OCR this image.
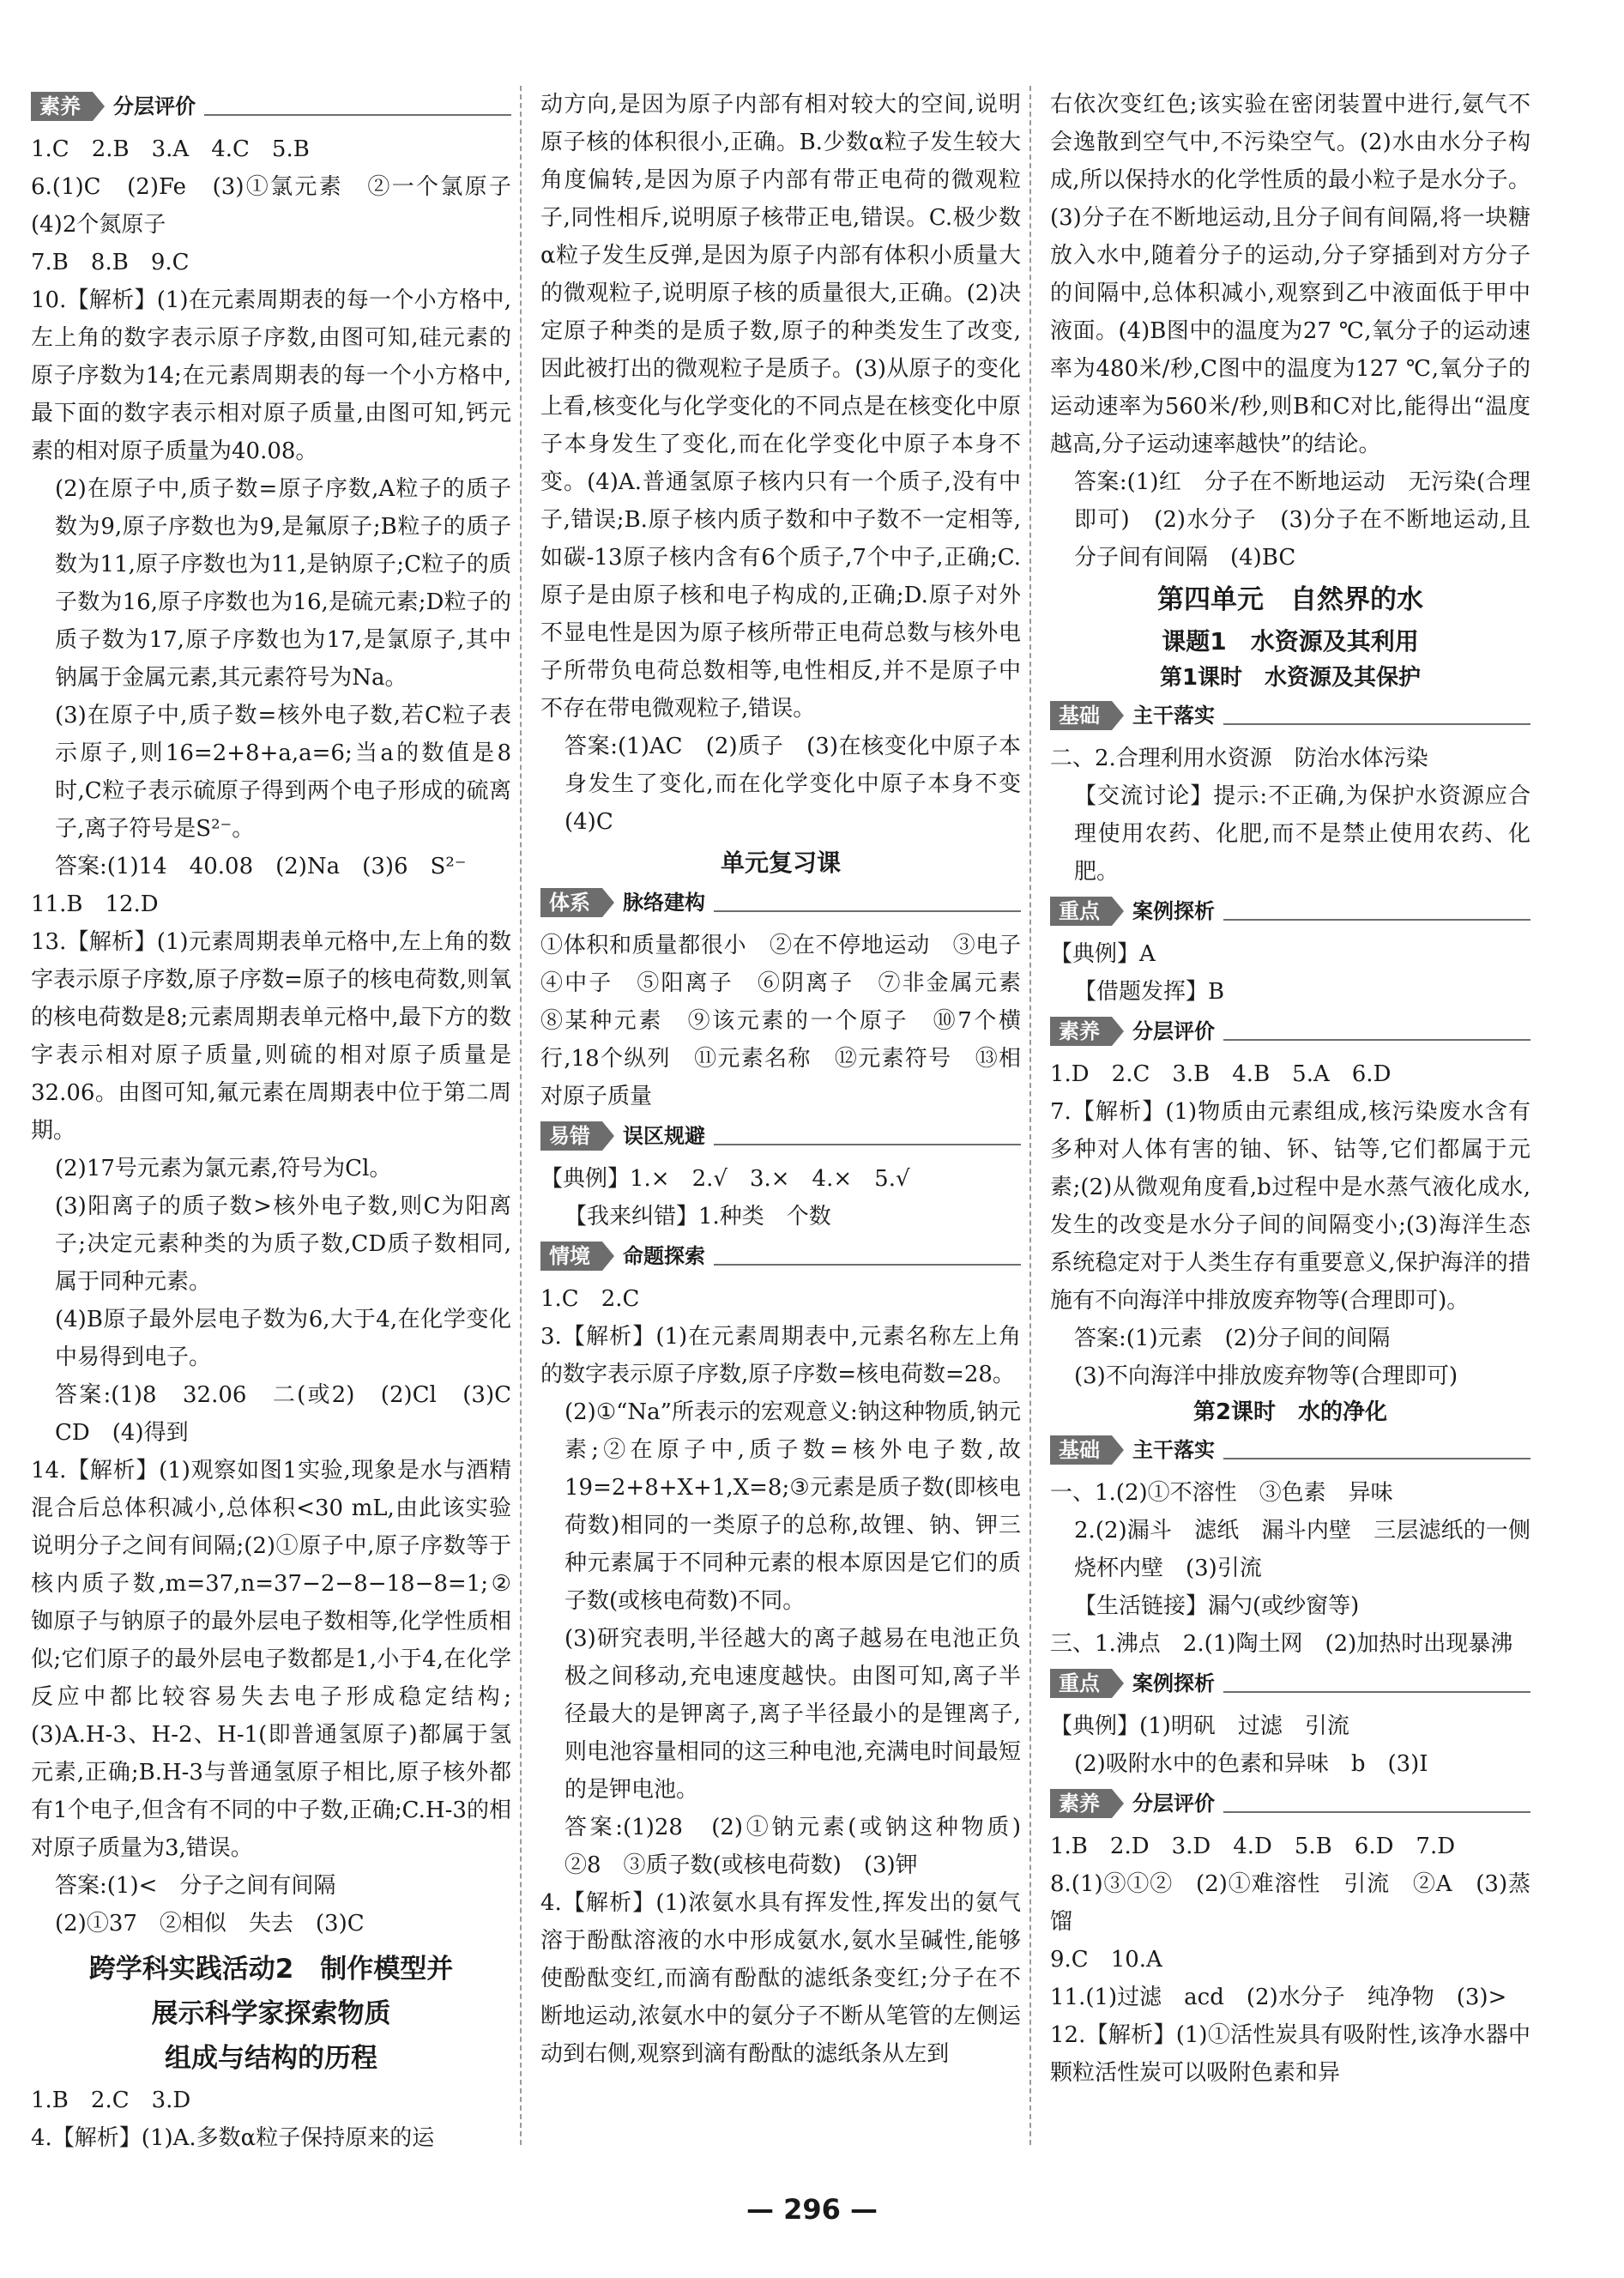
素养	分层评价

1.C　2.B　3.A　4.C　5.B

6.(1)C　(2)Fe　(3)①氯元素　②一个氯原子　(4)2个氮原子

7.B　8.B　9.C

10.【解析】(1)在元素周期表的每一个小方格中,左上角的数字表示原子序数,由图可知,硅元素的原子序数为14;在元素周期表的每一个小方格中,最下面的数字表示相对原子质量,由图可知,钙元素的相对原子质量为40.08。

(2)在原子中,质子数=原子序数,A粒子的质子数为9,原子序数也为9,是氟原子;B粒子的质子数为11,原子序数也为11,是钠原子;C粒子的质子数为16,原子序数也为16,是硫元素;D粒子的质子数为17,原子序数也为17,是氯原子,其中钠属于金属元素,其元素符号为Na。

(3)在原子中,质子数=核外电子数,若C粒子表示原子,则16=2+8+a,a=6;当a的数值是8时,C粒子表示硫原子得到两个电子形成的硫离子,离子符号是S²⁻。

答案:(1)14　40.08　(2)Na　(3)6　S²⁻

11.B　12.D

13.【解析】(1)元素周期表单元格中,左上角的数字表示原子序数,原子序数=原子的核电荷数,则氧的核电荷数是8;元素周期表单元格中,最下方的数字表示相对原子质量,则硫的相对原子质量是32.06。由图可知,氟元素在周期表中位于第二周期。

(2)17号元素为氯元素,符号为Cl。

(3)阳离子的质子数>核外电子数,则C为阳离子;决定元素种类的为质子数,CD质子数相同,属于同种元素。

(4)B原子最外层电子数为6,大于4,在化学变化中易得到电子。

答案:(1)8　32.06　二(或2)　(2)Cl　(3)C　CD　(4)得到

14.【解析】(1)观察如图1实验,现象是水与酒精混合后总体积减小,总体积<30 mL,由此该实验说明分子之间有间隔;(2)①原子中,原子序数等于核内质子数,m=37,n=37−2−8−18−8=1;②铷原子与钠原子的最外层电子数相等,化学性质相似;它们原子的最外层电子数都是1,小于4,在化学反应中都比较容易失去电子形成稳定结构;(3)A.H-3、H-2、H-1(即普通氢原子)都属于氢元素,正确;B.H-3与普通氢原子相比,原子核外都有1个电子,但含有不同的中子数,正确;C.H-3的相对原子质量为3,错误。

答案:(1)<　分子之间有间隔

(2)①37　②相似　失去　(3)C

跨学科实践活动2　制作模型并

展示科学家探索物质

组成与结构的历程

1.B　2.C　3.D

4.【解析】(1)A.多数α粒子保持原来的运

动方向,是因为原子内部有相对较大的空间,说明原子核的体积很小,正确。B.少数α粒子发生较大角度偏转,是因为原子内部有带正电荷的微观粒子,同性相斥,说明原子核带正电,错误。C.极少数α粒子发生反弹,是因为原子内部有体积小质量大的微观粒子,说明原子核的质量很大,正确。(2)决定原子种类的是质子数,原子的种类发生了改变,因此被打出的微观粒子是质子。(3)从原子的变化上看,核变化与化学变化的不同点是在核变化中原子本身发生了变化,而在化学变化中原子本身不变。(4)A.普通氢原子核内只有一个质子,没有中子,错误;B.原子核内质子数和中子数不一定相等,如碳-13原子核内含有6个质子,7个中子,正确;C.原子是由原子核和电子构成的,正确;D.原子对外不显电性是因为原子核所带正电荷总数与核外电子所带负电荷总数相等,电性相反,并不是原子中不存在带电微观粒子,错误。

答案:(1)AC　(2)质子　(3)在核变化中原子本身发生了变化,而在化学变化中原子本身不变　(4)C

单元复习课

体系	脉络建构

①体积和质量都很小　②在不停地运动　③电子　④中子　⑤阳离子　⑥阴离子　⑦非金属元素　⑧某种元素　⑨该元素的一个原子　⑩7个横行,18个纵列　⑪元素名称　⑫元素符号　⑬相对原子质量

易错	误区规避

【典例】1.×　2.√　3.×　4.×　5.√

【我来纠错】1.种类　个数

情境	命题探索

1.C　2.C

3.【解析】(1)在元素周期表中,元素名称左上角的数字表示原子序数,原子序数=核电荷数=28。

(2)①“Na”所表示的宏观意义:钠这种物质,钠元素;②在原子中,质子数=核外电子数,故19=2+8+X+1,X=8;③元素是质子数(即核电荷数)相同的一类原子的总称,故锂、钠、钾三种元素属于不同种元素的根本原因是它们的质子数(或核电荷数)不同。

(3)研究表明,半径越大的离子越易在电池正负极之间移动,充电速度越快。由图可知,离子半径最大的是钾离子,离子半径最小的是锂离子,则电池容量相同的这三种电池,充满电时间最短的是钾电池。

答案:(1)28　(2)①钠元素(或钠这种物质)　②8　③质子数(或核电荷数)　(3)钾

4.【解析】(1)浓氨水具有挥发性,挥发出的氨气溶于酚酞溶液的水中形成氨水,氨水呈碱性,能够使酚酞变红,而滴有酚酞的滤纸条变红;分子在不断地运动,浓氨水中的氨分子不断从笔管的左侧运动到右侧,观察到滴有酚酞的滤纸条从左到

右依次变红色;该实验在密闭装置中进行,氨气不会逸散到空气中,不污染空气。(2)水由水分子构成,所以保持水的化学性质的最小粒子是水分子。(3)分子在不断地运动,且分子间有间隔,将一块糖放入水中,随着分子的运动,分子穿插到对方分子的间隔中,总体积减小,观察到乙中液面低于甲中液面。(4)B图中的温度为27 ℃,氧分子的运动速率为480米/秒,C图中的温度为127 ℃,氧分子的运动速率为560米/秒,则B和C对比,能得出“温度越高,分子运动速率越快”的结论。

答案:(1)红　分子在不断地运动　无污染(合理即可)　(2)水分子　(3)分子在不断地运动,且分子间有间隔　(4)BC

第四单元　自然界的水

课题1　水资源及其利用

第1课时　水资源及其保护

基础	主干落实

二、2.合理利用水资源　防治水体污染

【交流讨论】提示:不正确,为保护水资源应合理使用农药、化肥,而不是禁止使用农药、化肥。

重点	案例探析

【典例】A

【借题发挥】B

素养	分层评价

1.D　2.C　3.B　4.B　5.A　6.D

7.【解析】(1)物质由元素组成,核污染废水含有多种对人体有害的铀、钚、钴等,它们都属于元素;(2)从微观角度看,b过程中是水蒸气液化成水,发生的改变是水分子间的间隔变小;(3)海洋生态系统稳定对于人类生存有重要意义,保护海洋的措施有不向海洋中排放废弃物等(合理即可)。

答案:(1)元素　(2)分子间的间隔

(3)不向海洋中排放废弃物等(合理即可)

第2课时　水的净化

基础	主干落实

一、1.(2)①不溶性　③色素　异味

2.(2)漏斗　滤纸　漏斗内壁　三层滤纸的一侧　烧杯内壁　(3)引流

【生活链接】漏勺(或纱窗等)

三、1.沸点　2.(1)陶土网　(2)加热时出现暴沸

重点	案例探析

【典例】(1)明矾　过滤　引流

(2)吸附水中的色素和异味　b　(3)Ⅰ

素养	分层评价

1.B　2.D　3.D　4.D　5.B　6.D　7.D

8.(1)③①②　(2)①难溶性　引流　②A　(3)蒸馏

9.C　10.A

11.(1)过滤　acd　(2)水分子　纯净物　(3)>

12.【解析】(1)①活性炭具有吸附性,该净水器中颗粒活性炭可以吸附色素和异

— 296 —
